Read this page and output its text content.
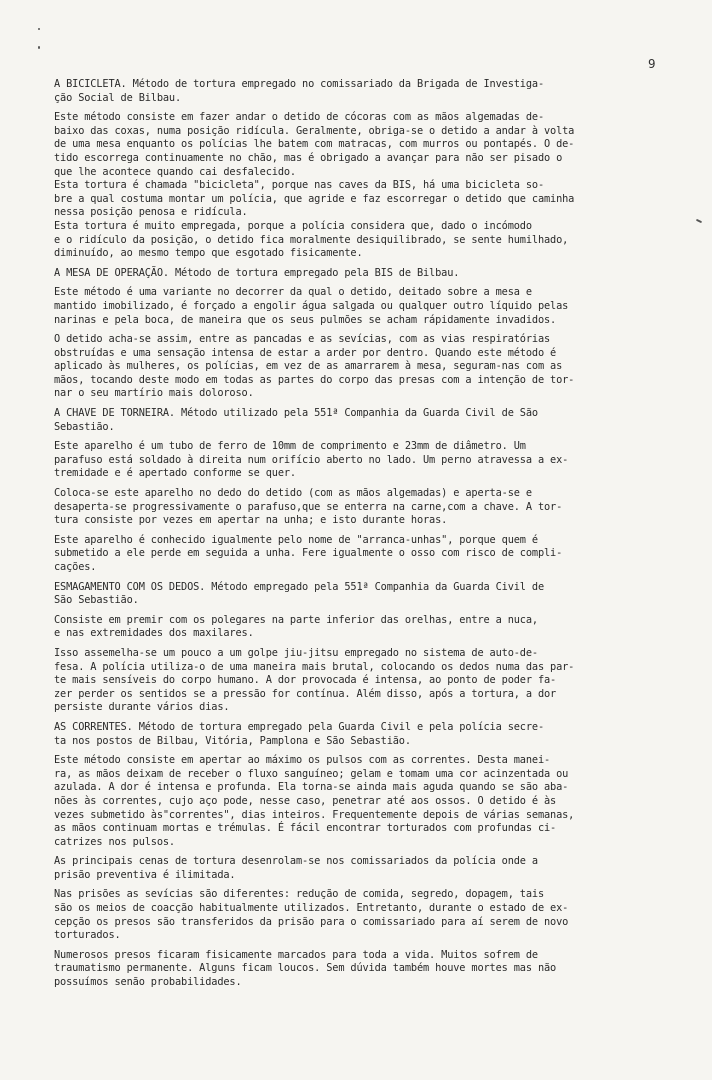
9
A BICICLETA. Método de tortura empregado no comissariado da Brigada de Investiga-
ção Social de Bilbau.
Este método consiste em fazer andar o detido de cócoras com as mãos algemadas de-
baixo das coxas, numa posição ridícula. Geralmente, obriga-se o detido a andar à volta
de uma mesa enquanto os polícias lhe batem com matracas, com murros ou pontapés. O de-
tido escorrega continuamente no chão, mas é obrigado a avançar para não ser pisado o
que lhe acontece quando cai desfalecido.
Esta tortura é chamada "bicicleta", porque nas caves da BIS, há uma bicicleta so-
bre a qual costuma montar um polícia, que agride e faz escorregar o detido que caminha
nessa posição penosa e ridícula.
Esta tortura é muito empregada, porque a polícia considera que, dado o incómodo
e o ridículo da posição, o detido fica moralmente desiquilibrado, se sente humilhado,
diminuído, ao mesmo tempo que esgotado fisicamente.
A MESA DE OPERAÇÃO. Método de tortura empregado pela BIS de Bilbau.
Este método é uma variante no decorrer da qual o detido, deitado sobre a mesa e
mantido imobilizado, é forçado a engolir água salgada ou qualquer outro líquido pelas
narinas e pela boca, de maneira que os seus pulmões se acham rápidamente invadidos.
O detido acha-se assim, entre as pancadas e as sevícias, com as vias respiratórias
obstruídas e uma sensação intensa de estar a arder por dentro. Quando este método é
aplicado às mulheres, os polícias, em vez de as amarrarem à mesa, seguram-nas com as
mãos, tocando deste modo em todas as partes do corpo das presas com a intenção de tor-
nar o seu martírio mais doloroso.
A CHAVE DE TORNEIRA. Método utilizado pela 551ª Companhia da Guarda Civil de São
Sebastião.
Este aparelho é um tubo de ferro de 10mm de comprimento e 23mm de diâmetro. Um
parafuso está soldado à direita num orifício aberto no lado. Um perno atravessa a ex-
tremidade e é apertado conforme se quer.
Coloca-se este aparelho no dedo do detido (com as mãos algemadas) e aperta-se e
desaperta-se progressivamente o parafuso,que se enterra na carne,com a chave. A tor-
tura consiste por vezes em apertar na unha; e isto durante horas.
Este aparelho é conhecido igualmente pelo nome de "arranca-unhas", porque quem é
submetido a ele perde em seguida a unha. Fere igualmente o osso com risco de compli-
cações.
ESMAGAMENTO COM OS DEDOS. Método empregado pela 551ª Companhia da Guarda Civil de
São Sebastião.
Consiste em premir com os polegares na parte inferior das orelhas, entre a nuca,
e nas extremidades dos maxilares.
Isso assemelha-se um pouco a um golpe jiu-jitsu empregado no sistema de auto-de-
fesa. A polícia utiliza-o de uma maneira mais brutal, colocando os dedos numa das par-
te mais sensíveis do corpo humano. A dor provocada é intensa, ao ponto de poder fa-
zer perder os sentidos se a pressão for contínua. Além disso, após a tortura, a dor
persiste durante vários dias.
AS CORRENTES. Método de tortura empregado pela Guarda Civil e pela polícia secre-
ta nos postos de Bilbau, Vitória, Pamplona e São Sebastião.
Este método consiste em apertar ao máximo os pulsos com as correntes. Desta manei-
ra, as mãos deixam de receber o fluxo sanguíneo; gelam e tomam uma cor acinzentada ou
azulada. A dor é intensa e profunda. Ela torna-se ainda mais aguda quando se são aba-
nões às correntes, cujo aço pode, nesse caso, penetrar até aos ossos. O detido é às
vezes submetido às"correntes", dias inteiros. Frequentemente depois de várias semanas,
as mãos continuam mortas e trémulas. É fácil encontrar torturados com profundas ci-
catrizes nos pulsos.
As principais cenas de tortura desenrolam-se nos comissariados da polícia onde a
prisão preventiva é ilimitada.
Nas prisões as sevícias são diferentes: redução de comida, segredo, dopagem, tais
são os meios de coacção habitualmente utilizados. Entretanto, durante o estado de ex-
cepção os presos são transferidos da prisão para o comissariado para aí serem de novo
torturados.
Numerosos presos ficaram fisicamente marcados para toda a vida. Muitos sofrem de
traumatismo permanente. Alguns ficam loucos. Sem dúvida também houve mortes mas não
possuímos senão probabilidades.
